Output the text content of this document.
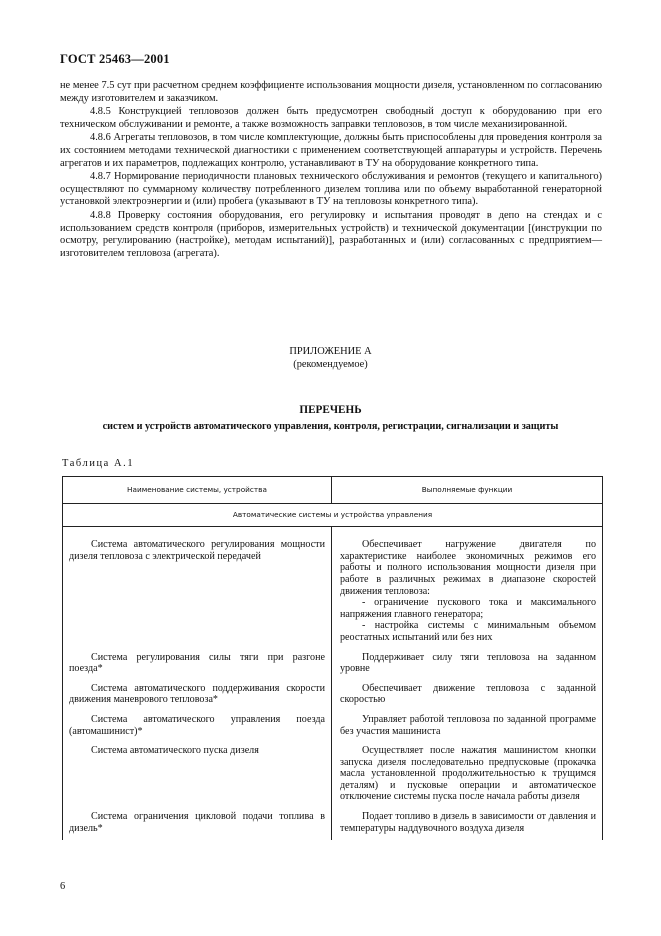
ГОСТ 25463—2001

не менее 7.5 сут при расчетном среднем коэффициенте использования мощности дизеля, установленном по согласованию между изготовителем и заказчиком.

4.8.5 Конструкцией тепловозов должен быть предусмотрен свободный доступ к оборудованию при его техническом обслуживании и ремонте, а также возможность заправки тепловозов, в том числе механизированной.

4.8.6 Агрегаты тепловозов, в том числе комплектующие, должны быть приспособлены для проведения контроля за их состоянием методами технической диагностики с применением соответствующей аппаратуры и устройств. Перечень агрегатов и их параметров, подлежащих контролю, устанавливают в ТУ на оборудование конкретного типа.

4.8.7 Нормирование периодичности плановых технического обслуживания и ремонтов (текущего и капитального) осуществляют по суммарному количеству потребленного дизелем топлива или по объему выработанной генераторной установкой электроэнергии и (или) пробега (указывают в ТУ на тепловозы конкретного типа).

4.8.8 Проверку состояния оборудования, его регулировку и испытания проводят в депо на стендах и с использованием средств контроля (приборов, измерительных устройств) и технической документации [(инструкции по осмотру, регулированию (настройке), методам испытаний)], разработанных и (или) согласованных с предприятием—изготовителем тепловоза (агрегата).

ПРИЛОЖЕНИЕ А
(рекомендуемое)
ПЕРЕЧЕНЬ
систем и устройств автоматического управления, контроля, регистрации, сигнализации и защиты
Таблица А.1
Наименование системы, устройства	Выполняемые функции
Автоматические системы и устройства управления	

Система автоматического регулирования мощности дизеля тепловоза с электрической передачей	Обеспечивает нагружение двигателя по характеристике наиболее экономичных режимов его работы и полного использования мощности дизеля при работе в различных режимах в диапазоне скоростей движения тепловоза:
- ограничение пускового тока и максимального напряжения главного генератора;
- настройка системы с минимальным объемом реостатных испытаний или без них

Система регулирования силы тяги при разгоне поезда*	Поддерживает силу тяги тепловоза на заданном уровне

Система автоматического поддерживания скорости движения маневрового тепловоза*	Обеспечивает движение тепловоза с заданной скоростью

Система автоматического управления поезда (автомашинист)*	Управляет работой тепловоза по заданной программе без участия машиниста

Система автоматического пуска дизеля	Осуществляет после нажатия машинистом кнопки запуска дизеля последовательно предпусковые (прокачка масла установленной продолжительностью к трущимся деталям) и пусковые операции и автоматическое отключение системы пуска после начала работы дизеля

Система ограничения цикловой подачи топлива в дизель*	Подает топливо в дизель в зависимости от давления и температуры наддувочного воздуха дизеля
6
